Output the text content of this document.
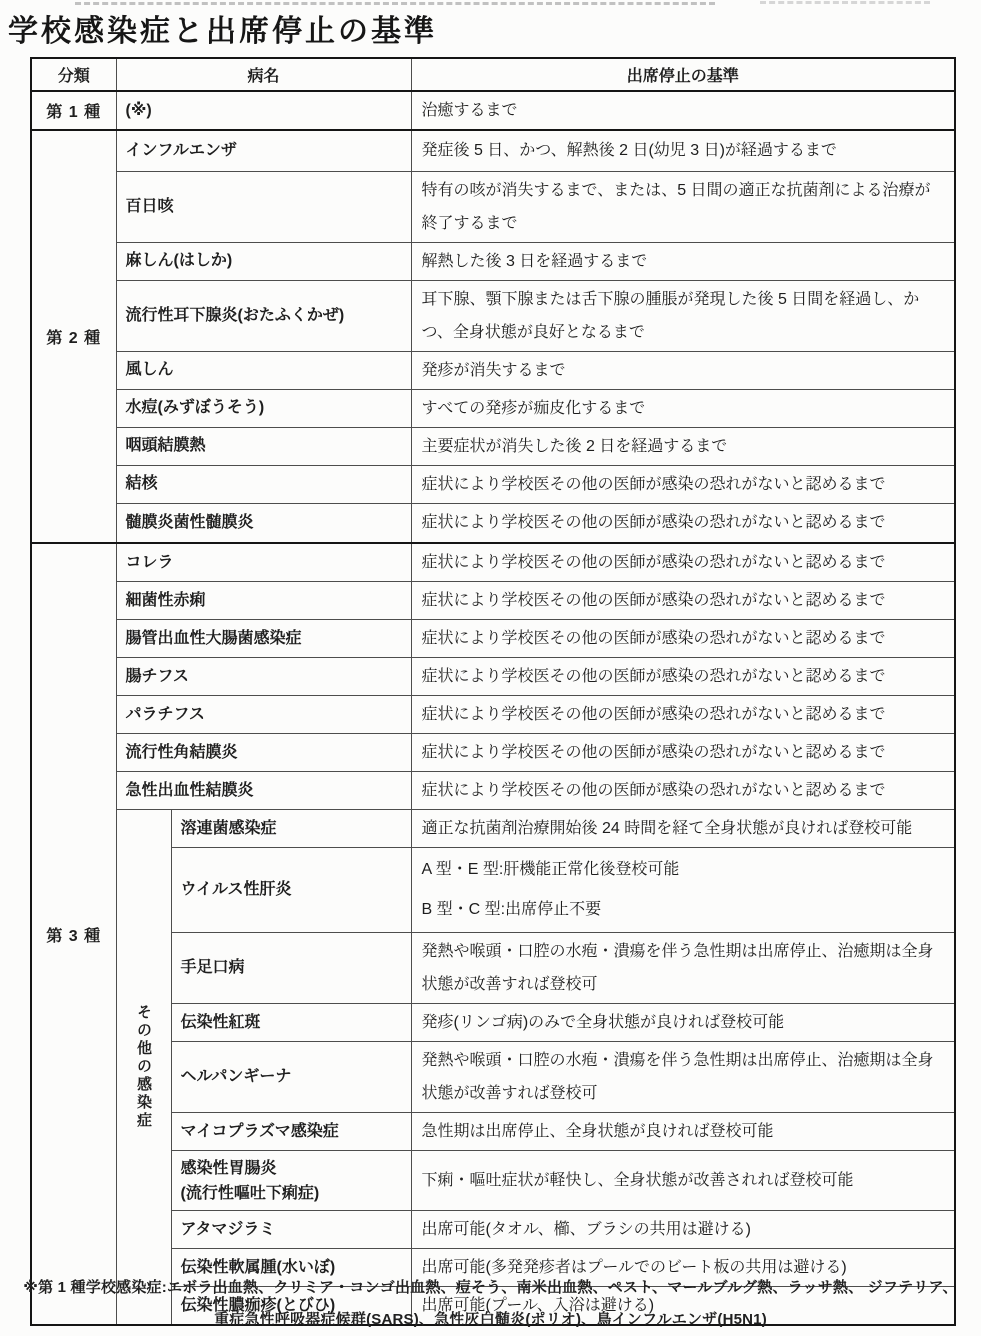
学校感染症と出席停止の基準
分類	病名		出席停止の基準
第 1 種	(※)		治癒するまで
第 2 種	インフルエンザ		発症後 5 日、かつ、解熱後 2 日(幼児 3 日)が経過するまで
	百日咳		特有の咳が消失するまで、または、5 日間の適正な抗菌剤による治療が終了するまで
	麻しん(はしか)		解熱した後 3 日を経過するまで
	流行性耳下腺炎(おたふくかぜ)		耳下腺、顎下腺または舌下腺の腫脹が発現した後 5 日間を経過し、かつ、全身状態が良好となるまで
	風しん		発疹が消失するまで
	水痘(みずぼうそう)		すべての発疹が痂皮化するまで
	咽頭結膜熱		主要症状が消失した後 2 日を経過するまで
	結核		症状により学校医その他の医師が感染の恐れがないと認めるまで
	髄膜炎菌性髄膜炎		症状により学校医その他の医師が感染の恐れがないと認めるまで
第 3 種	コレラ		症状により学校医その他の医師が感染の恐れがないと認めるまで
	細菌性赤痢		症状により学校医その他の医師が感染の恐れがないと認めるまで
	腸管出血性大腸菌感染症		症状により学校医その他の医師が感染の恐れがないと認めるまで
	腸チフス		症状により学校医その他の医師が感染の恐れがないと認めるまで
	パラチフス		症状により学校医その他の医師が感染の恐れがないと認めるまで
	流行性角結膜炎		症状により学校医その他の医師が感染の恐れがないと認めるまで
	急性出血性結膜炎		症状により学校医その他の医師が感染の恐れがないと認めるまで
	その他の感染症	溶連菌感染症	適正な抗菌剤治療開始後 24 時間を経て全身状態が良ければ登校可能
		ウイルス性肝炎	A 型・E 型:肝機能正常化後登校可能
B 型・C 型:出席停止不要

		手足口病	発熱や喉頭・口腔の水疱・潰瘍を伴う急性期は出席停止、治癒期は全身状態が改善すれば登校可
		伝染性紅斑	発疹(リンゴ病)のみで全身状態が良ければ登校可能
		ヘルパンギーナ	発熱や喉頭・口腔の水疱・潰瘍を伴う急性期は出席停止、治癒期は全身状態が改善すれば登校可
		マイコプラズマ感染症	急性期は出席停止、全身状態が良ければ登校可能

		感染性胃腸炎
(流行性嘔吐下痢症)	下痢・嘔吐症状が軽快し、全身状態が改善されれば登校可能
		アタマジラミ	出席可能(タオル、櫛、ブラシの共用は避ける)
		伝染性軟属腫(水いぼ)	出席可能(多発発疹者はプールでのビート板の共用は避ける)
		伝染性膿痂疹(とびひ)	出席可能(プール、入浴は避ける)
※第 1 種学校感染症:エボラ出血熱、クリミア・コンゴ出血熱、痘そう、南米出血熱、ペスト、マールブルグ熱、ラッサ熱、 ジフテリア、
重症急性呼吸器症候群(SARS)、急性灰白髄炎(ポリオ)、鳥インフルエンザ(H5N1)
